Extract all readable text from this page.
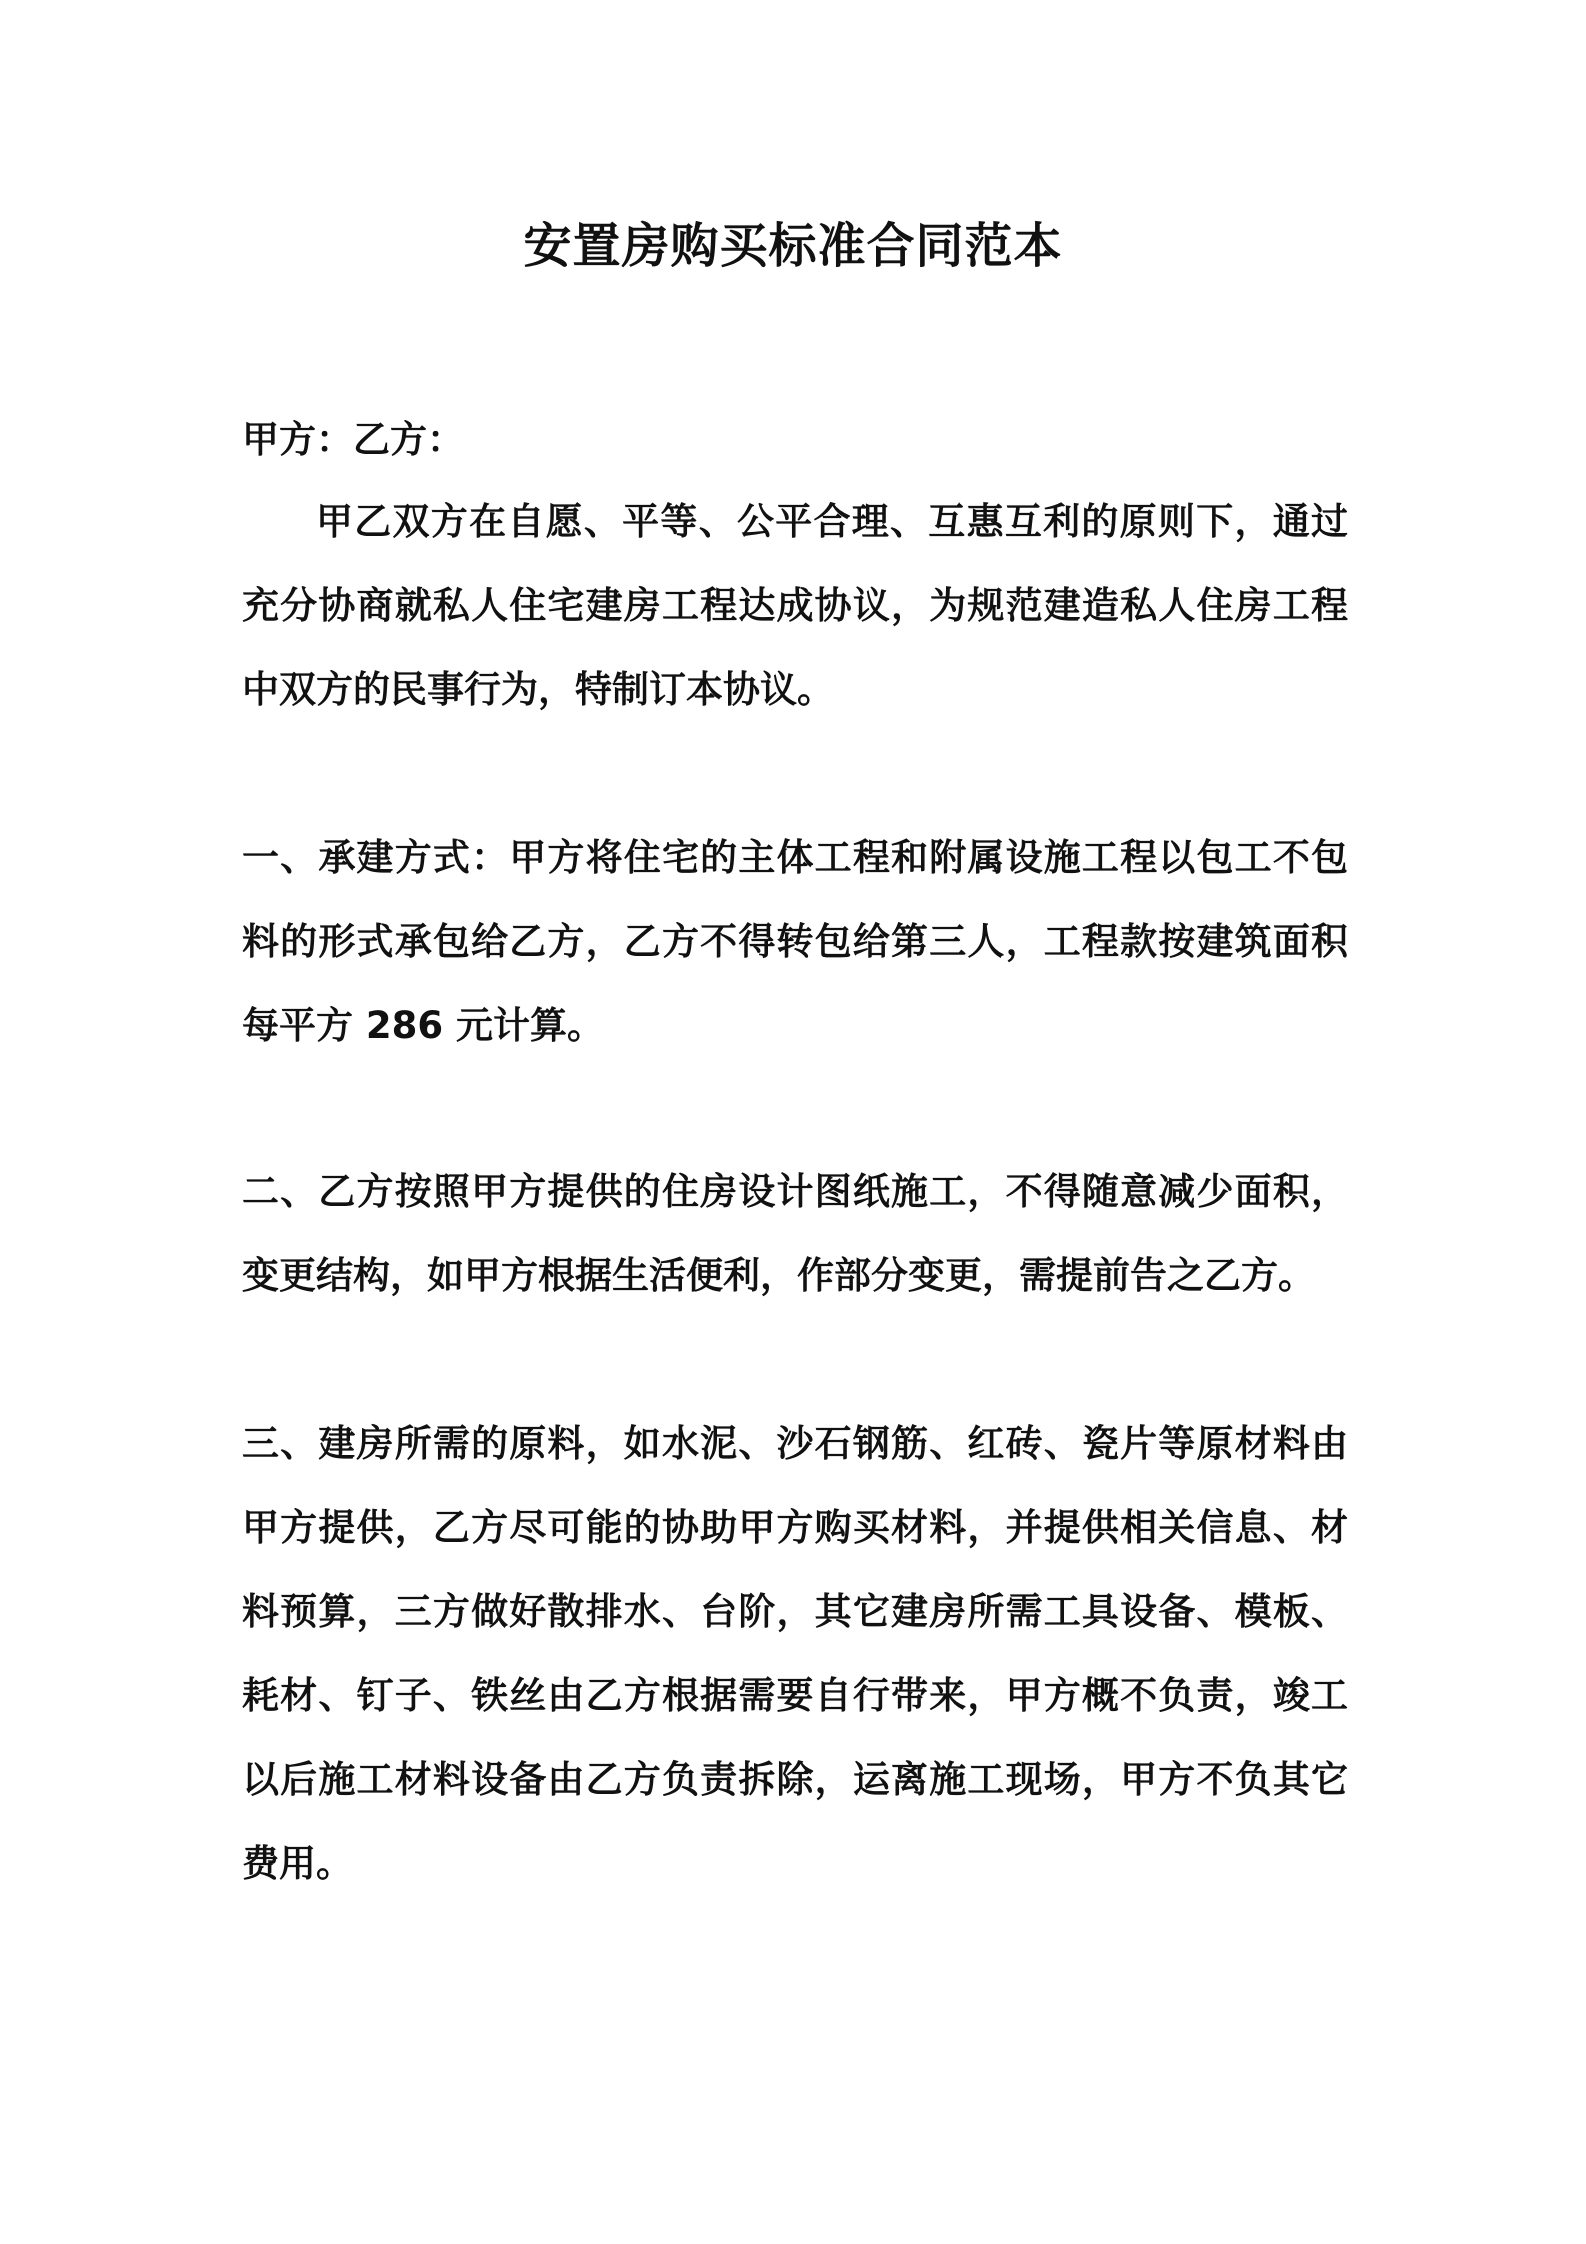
安置房购买标准合同范本

甲方：乙方：

甲乙双方在自愿、平等、公平合理、互惠互利的原则下，通过充分协商就私人住宅建房工程达成协议，为规范建造私人住房工程中双方的民事行为，特制订本协议。

一、承建方式：甲方将住宅的主体工程和附属设施工程以包工不包料的形式承包给乙方，乙方不得转包给第三人，工程款按建筑面积每平方 286 元计算。

二、乙方按照甲方提供的住房设计图纸施工，不得随意减少面积，变更结构，如甲方根据生活便利，作部分变更，需提前告之乙方。

三、建房所需的原料，如水泥、沙石钢筋、红砖、瓷片等原材料由甲方提供，乙方尽可能的协助甲方购买材料，并提供相关信息、材料预算，三方做好散排水、台阶，其它建房所需工具设备、模板、耗材、钉子、铁丝由乙方根据需要自行带来，甲方概不负责，竣工以后施工材料设备由乙方负责拆除，运离施工现场，甲方不负其它费用。
